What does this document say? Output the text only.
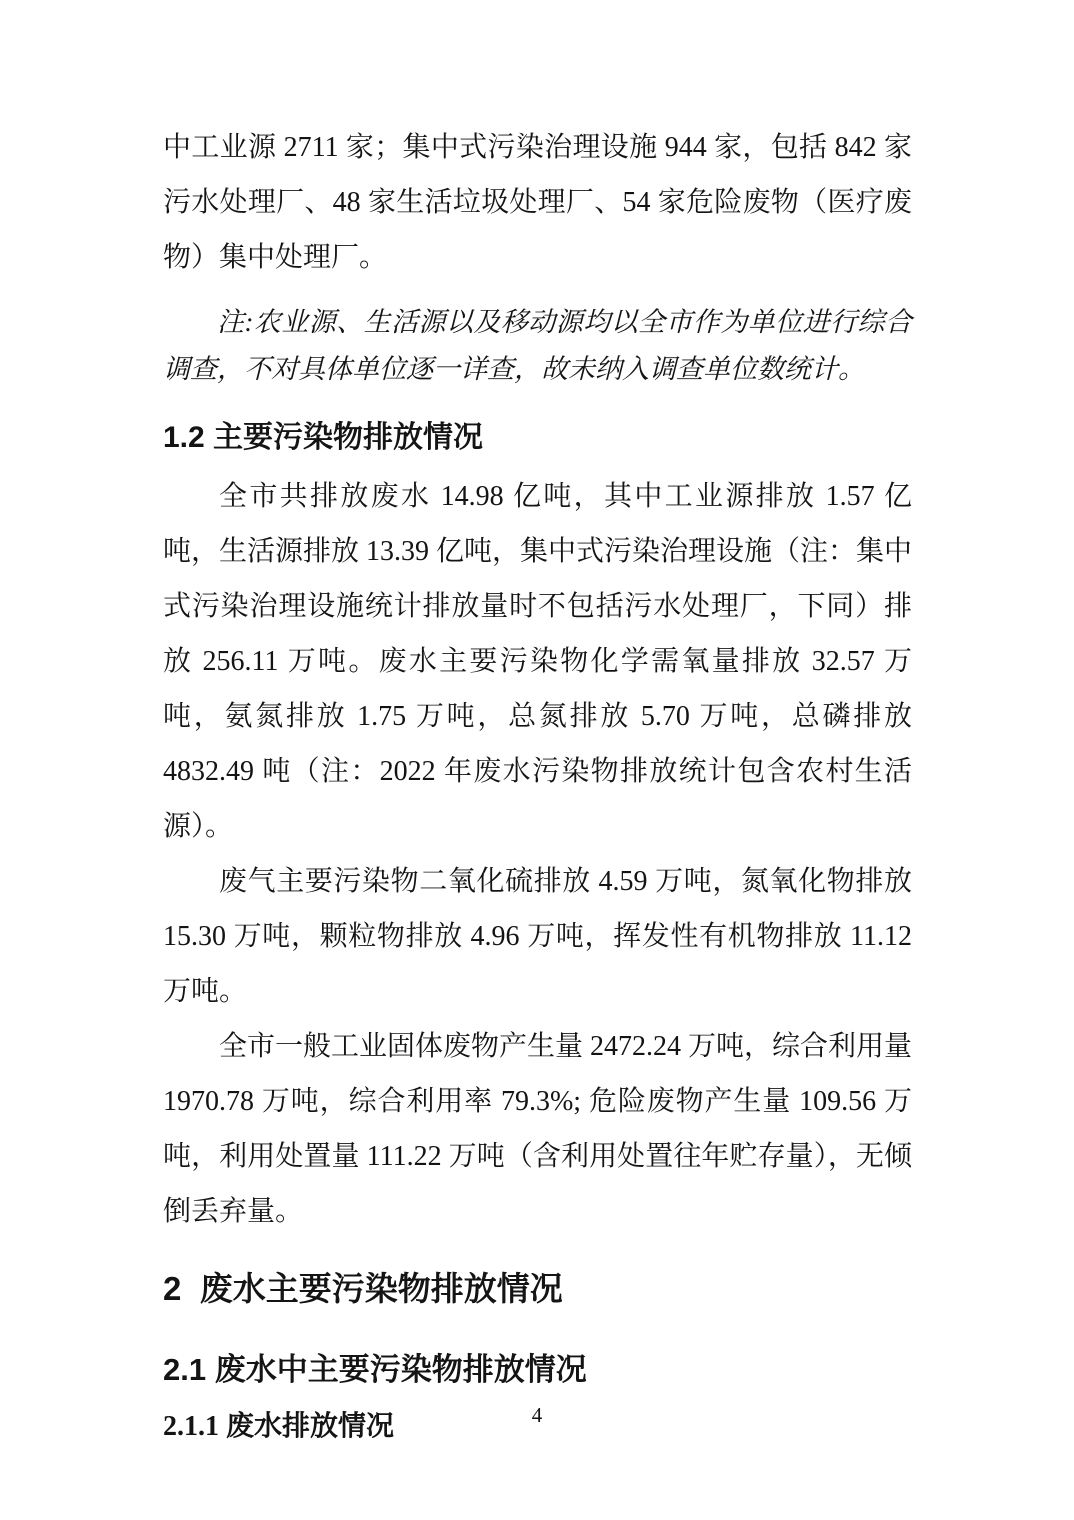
中工业源 2711 家；集中式污染治理设施 944 家，包括 842 家污水处理厂、48 家生活垃圾处理厂、54 家危险废物（医疗废物）集中处理厂。

注:农业源、生活源以及移动源均以全市作为单位进行综合调查，不对具体单位逐一详查，故未纳入调查单位数统计。

1.2 主要污染物排放情况

全市共排放废水 14.98 亿吨，其中工业源排放 1.57 亿吨，生活源排放 13.39 亿吨，集中式污染治理设施（注：集中式污染治理设施统计排放量时不包括污水处理厂，下同）排放 256.11 万吨。废水主要污染物化学需氧量排放 32.57 万吨，氨氮排放 1.75 万吨，总氮排放 5.70 万吨，总磷排放 4832.49 吨（注：2022 年废水污染物排放统计包含农村生活源）。

废气主要污染物二氧化硫排放 4.59 万吨，氮氧化物排放 15.30 万吨，颗粒物排放 4.96 万吨，挥发性有机物排放 11.12 万吨。

全市一般工业固体废物产生量 2472.24 万吨，综合利用量 1970.78 万吨，综合利用率 79.3%; 危险废物产生量 109.56 万吨，利用处置量 111.22 万吨（含利用处置往年贮存量），无倾倒丢弃量。

2  废水主要污染物排放情况
2.1 废水中主要污染物排放情况
2.1.1 废水排放情况	4
